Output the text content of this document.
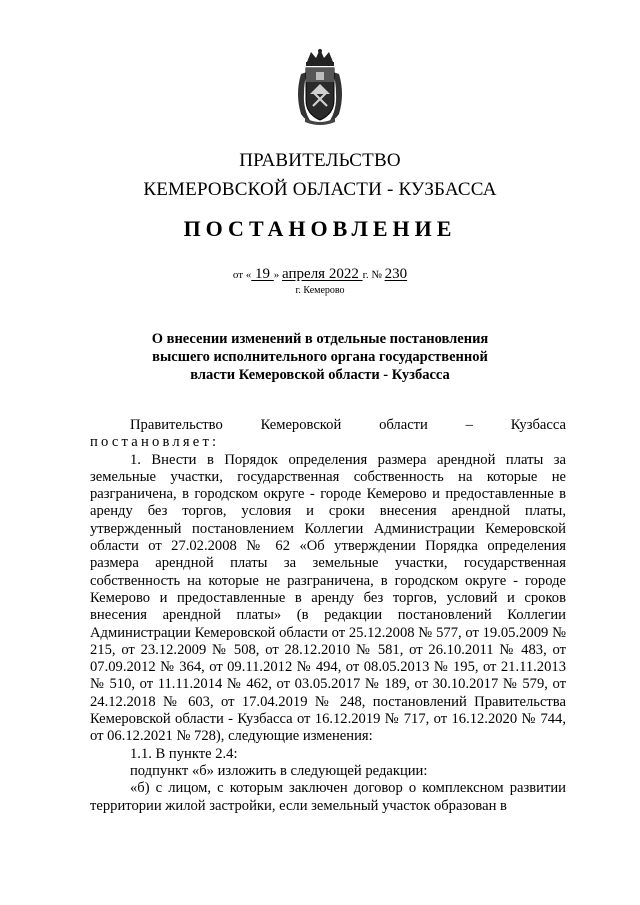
ПРАВИТЕЛЬСТВО
КЕМЕРОВСКОЙ ОБЛАСТИ - КУЗБАССА
ПОСТАНОВЛЕНИЕ
от « 19 » апреля 2022 г. № 230
г. Кемерово
О внесении изменений в отдельные постановления
высшего исполнительного органа государственной
власти Кемеровской области - Кузбасса

Правительство Кемеровской области – Кузбасса

постановляет:

1. Внести в Порядок определения размера арендной платы за земельные участки, государственная собственность на которые не разграничена, в городском округе - городе Кемерово и предоставленные в аренду без торгов, условия и сроки внесения арендной платы, утвержденный постановлением Коллегии Администрации Кемеровской области от 27.02.2008 № 62 «Об утверждении Порядка определения размера арендной платы за земельные участки, государственная собственность на которые не разграничена, в городском округе - городе Кемерово и предоставленные в аренду без торгов, условий и сроков внесения арендной платы» (в редакции постановлений Коллегии Администрации Кемеровской области от 25.12.2008 № 577, от 19.05.2009 № 215, от 23.12.2009 № 508, от 28.12.2010 № 581, от 26.10.2011 № 483, от 07.09.2012 № 364, от 09.11.2012 № 494, от 08.05.2013 № 195, от 21.11.2013 № 510, от 11.11.2014 № 462, от 03.05.2017 № 189, от 30.10.2017 № 579, от 24.12.2018 № 603, от 17.04.2019 № 248, постановлений Правительства Кемеровской области - Кузбасса от 16.12.2019 № 717, от 16.12.2020 № 744, от 06.12.2021 № 728), следующие изменения:

1.1. В пункте 2.4:

подпункт «б» изложить в следующей редакции:

«б) с лицом, с которым заключен договор о комплексном развитии территории жилой застройки, если земельный участок образован в
